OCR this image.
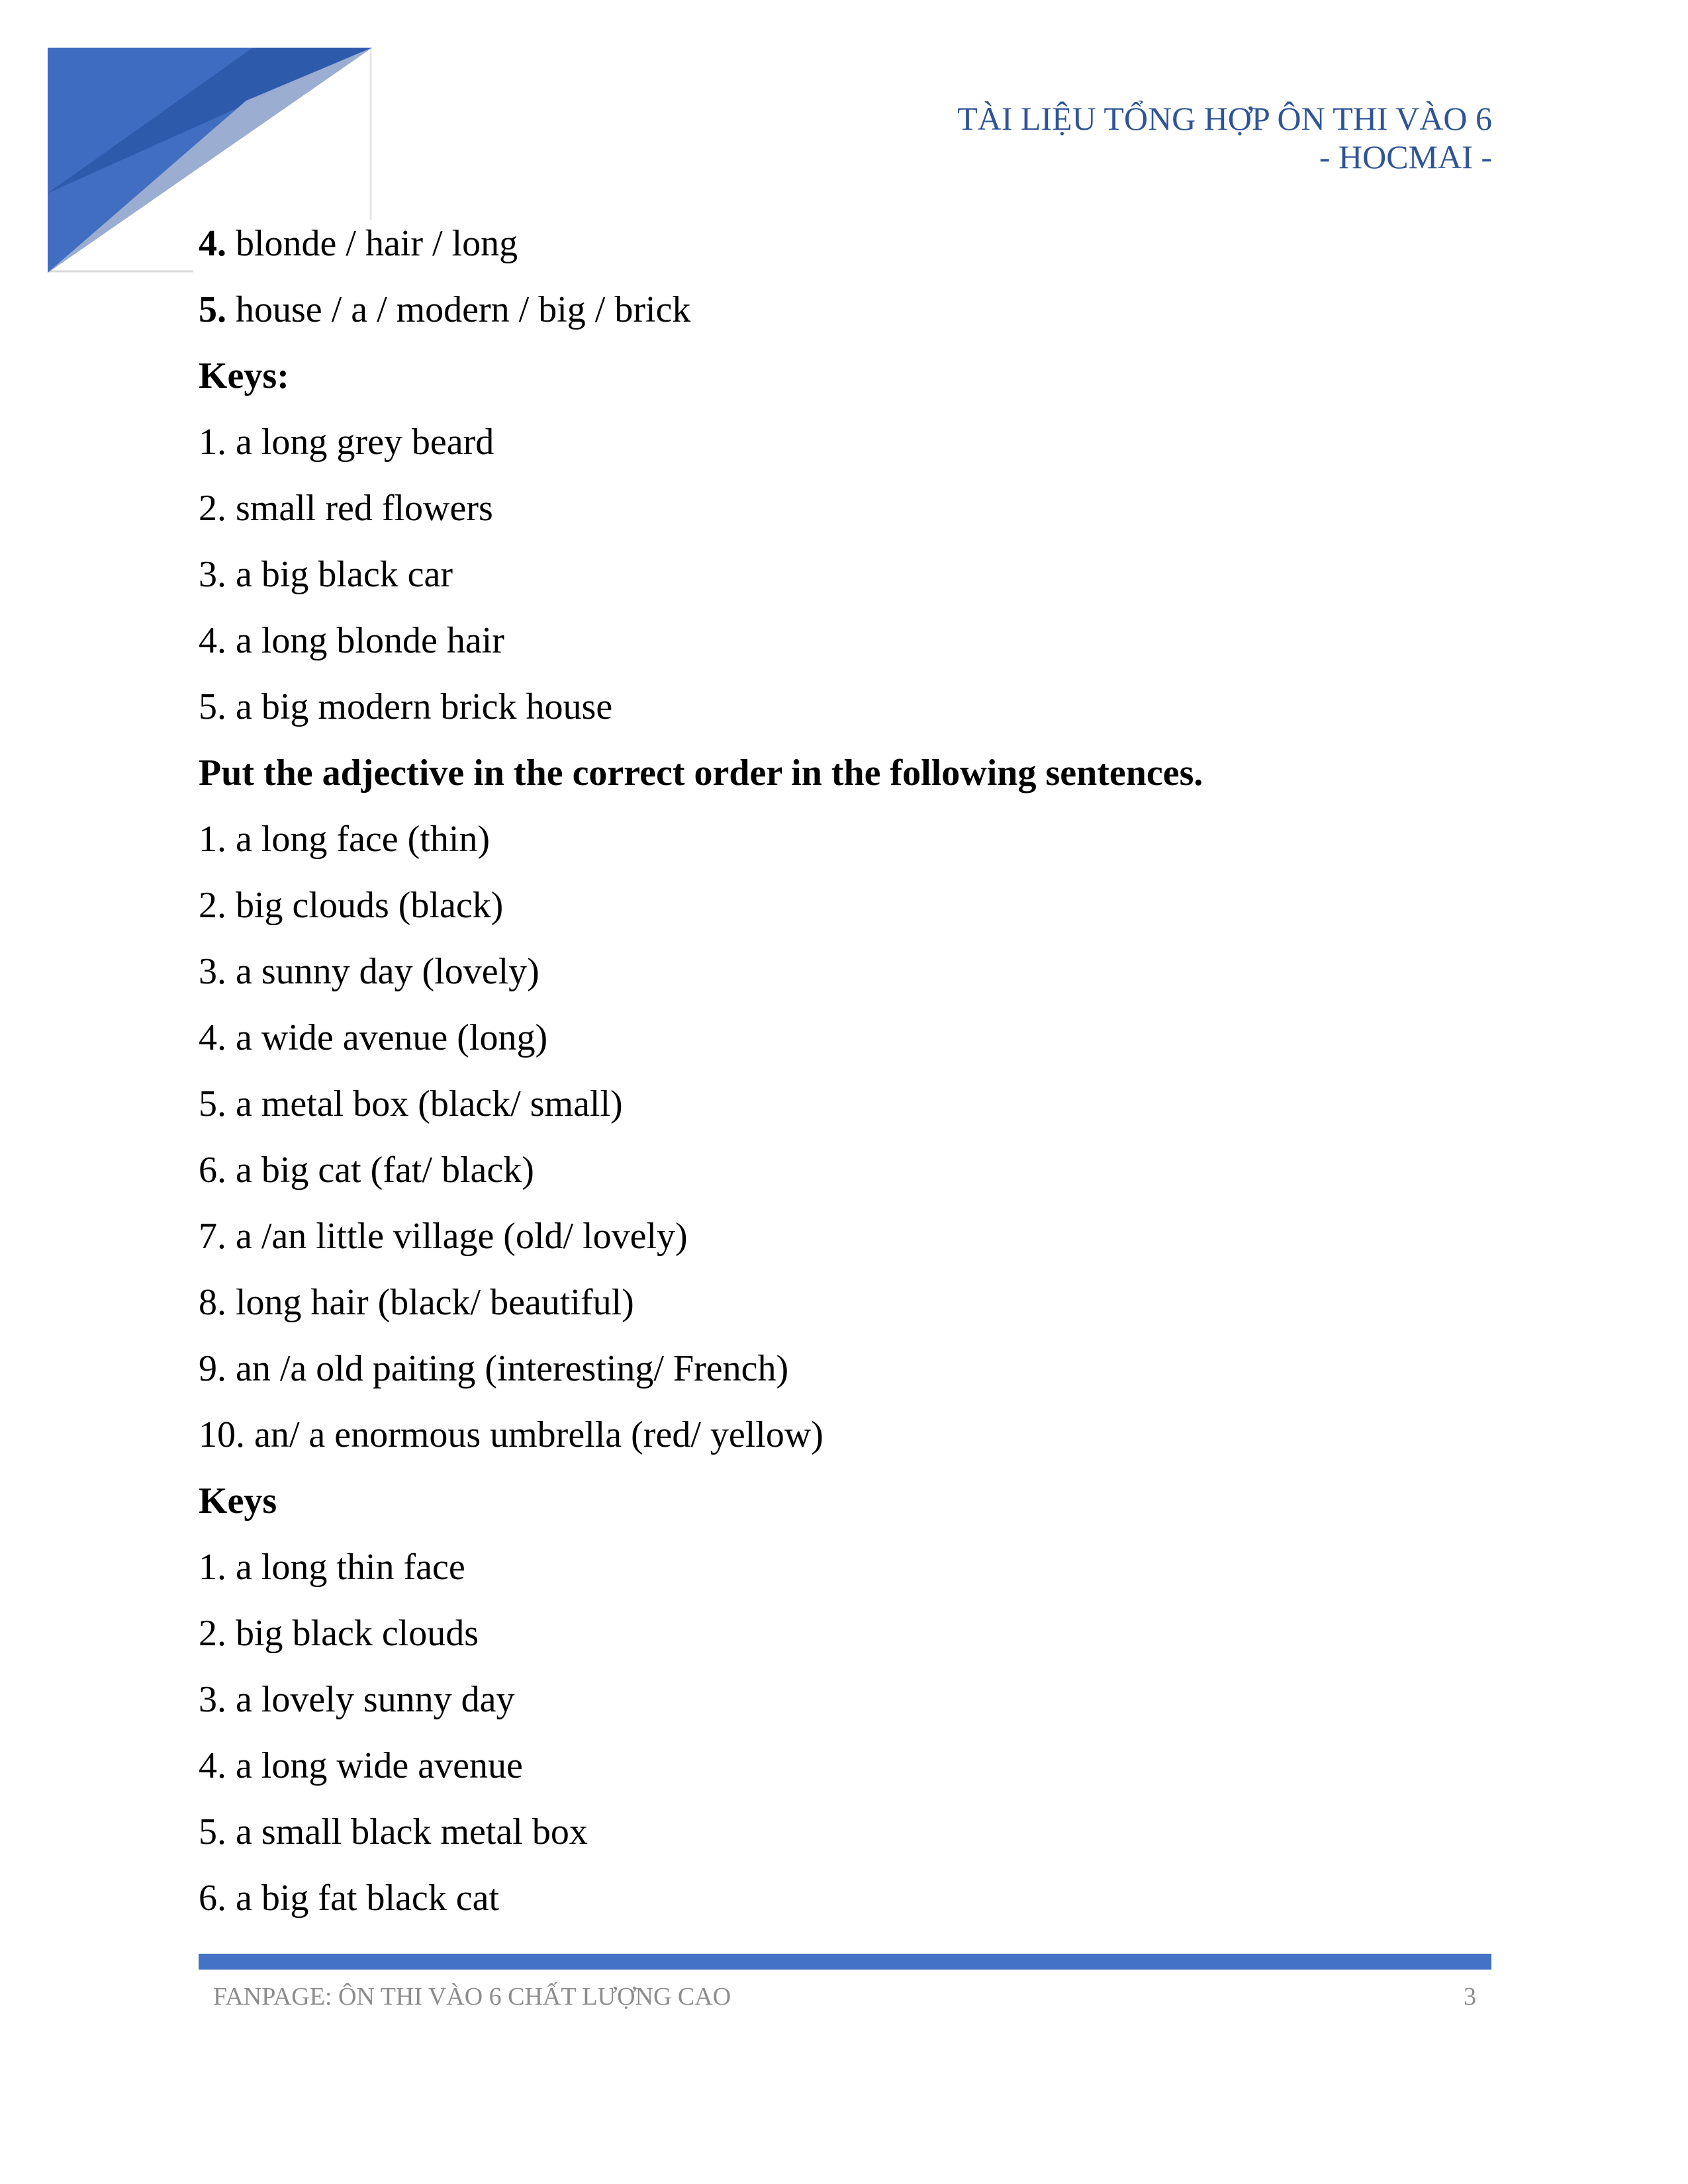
TÀI LIỆU TỔNG HỢP ÔN THI VÀO 6
- HOCMAI -
4. blonde / hair / long
5. house / a / modern / big / brick
Keys:
1. a long grey beard
2. small red flowers
3. a big black car
4. a long blonde hair
5. a big modern brick house
Put the adjective in the correct order in the following sentences.
1. a long face (thin)
2. big clouds (black)
3. a sunny day (lovely)
4. a wide avenue (long)
5. a metal box (black/ small)
6. a big cat (fat/ black)
7. a /an little village (old/ lovely)
8. long hair (black/ beautiful)
9. an /a old paiting (interesting/ French)
10. an/ a enormous umbrella (red/ yellow)
Keys
1. a long thin face
2. big black clouds
3. a lovely sunny day
4. a long wide avenue
5. a small black metal box
6. a big fat black cat
FANPAGE: ÔN THI VÀO 6 CHẤT LƯỢNG CAO	3
